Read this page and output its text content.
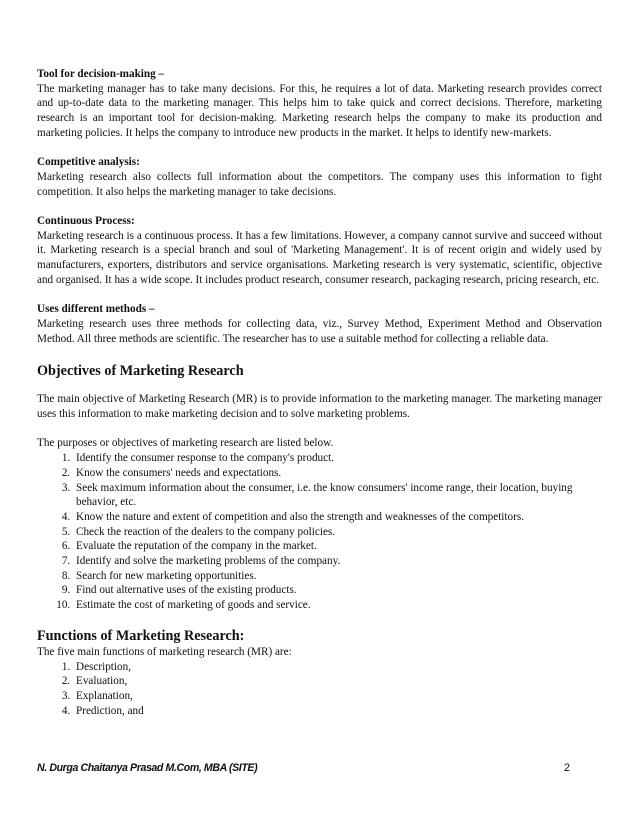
Tool for decision-making –

The marketing manager has to take many decisions. For this, he requires a lot of data. Marketing research provides correct and up-to-date data to the marketing manager. This helps him to take quick and correct decisions. Therefore, marketing research is an important tool for decision-making. Marketing research helps the company to make its production and marketing policies. It helps the company to introduce new products in the market. It helps to identify new-markets.

Competitive analysis:

Marketing research also collects full information about the competitors. The company uses this information to fight competition. It also helps the marketing manager to take decisions.

Continuous Process:

Marketing research is a continuous process. It has a few limitations. However, a company cannot survive and succeed without it. Marketing research is a special branch and soul of 'Marketing Management'. It is of recent origin and widely used by manufacturers, exporters, distributors and service organisations. Marketing research is very systematic, scientific, objective and organised. It has a wide scope. It includes product research, consumer research, packaging research, pricing research, etc.

Uses different methods –

Marketing research uses three methods for collecting data, viz., Survey Method, Experiment Method and Observation Method. All three methods are scientific. The researcher has to use a suitable method for collecting a reliable data.

Objectives of Marketing Research

The main objective of Marketing Research (MR) is to provide information to the marketing manager. The marketing manager uses this information to make marketing decision and to solve marketing problems.

The purposes or objectives of marketing research are listed below.

1. Identify the consumer response to the company's product.
2. Know the consumers' needs and expectations.
3. Seek maximum information about the consumer, i.e. the know consumers' income range, their location, buying behavior, etc.
4. Know the nature and extent of competition and also the strength and weaknesses of the competitors.
5. Check the reaction of the dealers to the company policies.
6. Evaluate the reputation of the company in the market.
7. Identify and solve the marketing problems of the company.
8. Search for new marketing opportunities.
9. Find out alternative uses of the existing products.
10. Estimate the cost of marketing of goods and service.

Functions of Marketing Research:

The five main functions of marketing research (MR) are:

1. Description,
2. Evaluation,
3. Explanation,
4. Prediction, and
N. Durga Chaitanya Prasad M.Com, MBA (SITE)	2
